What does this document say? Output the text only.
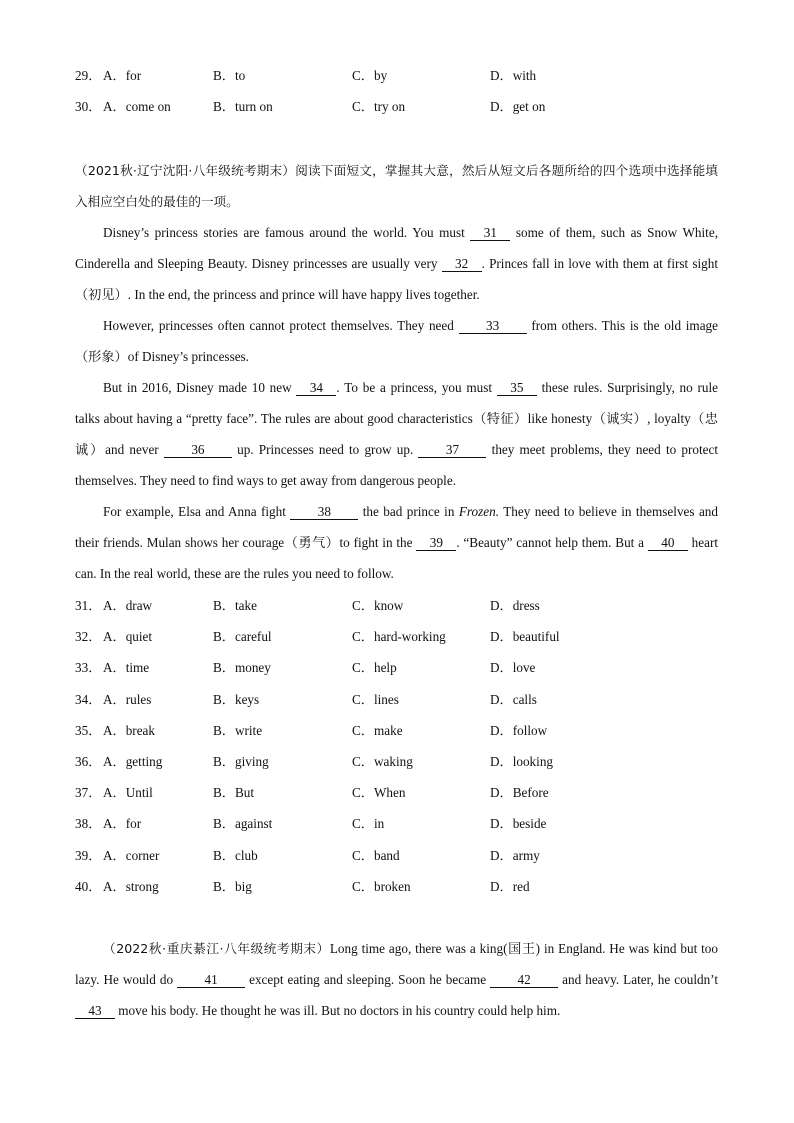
29． A．for	B．to	C．by	D．with
30． A．come on	B．turn on	C．try on	D．get on

（2021秋·辽宁沈阳·八年级统考期末）阅读下面短文，掌握其大意，然后从短文后各题所给的四个选项中选择能填入相应空白处的最佳的一项。

Disney’s princess stories are famous around the world. You must 31 some of them, such as Snow White, Cinderella and Sleeping Beauty. Disney princesses are usually very 32 . Princes fall in love with them at first sight（初见）. In the end, the princess and prince will have happy lives together.

However, princesses often cannot protect themselves. They need 33 from others. This is the old image（形象）of Disney’s princesses.

But in 2016, Disney made 10 new 34 . To be a princess, you must 35 these rules. Surprisingly, no rule talks about having a “pretty face”. The rules are about good characteristics（特征）like honesty（诚实）, loyalty（忠诚）and never 36 up. Princesses need to grow up. 37 they meet problems, they need to protect themselves. They need to find ways to get away from dangerous people.

For example, Elsa and Anna fight 38 the bad prince in Frozen. They need to believe in themselves and their friends. Mulan shows her courage（勇气）to fight in the 39 . “Beauty” cannot help them. But a 40 heart can. In the real world, these are the rules you need to follow.

31． A．draw	B．take	C．know	D．dress
32． A．quiet	B．careful	C．hard-working	D．beautiful
33． A．time	B．money	C．help	D．love
34． A．rules	B．keys	C．lines	D．calls
35． A．break	B．write	C．make	D．follow
36． A．getting	B．giving	C．waking	D．looking
37． A．Until	B．But	C．When	D．Before
38． A．for	B．against	C．in	D．beside
39． A．corner	B．club	C．band	D．army
40． A．strong	B．big	C．broken	D．red

（2022秋·重庆綦江·八年级统考期末）Long time ago, there was a king(国王) in England. He was kind but too lazy. He would do 41 except eating and sleeping. Soon he became 42 and heavy. Later, he couldn’t 43 move his body. He thought he was ill. But no doctors in his country could help him.
